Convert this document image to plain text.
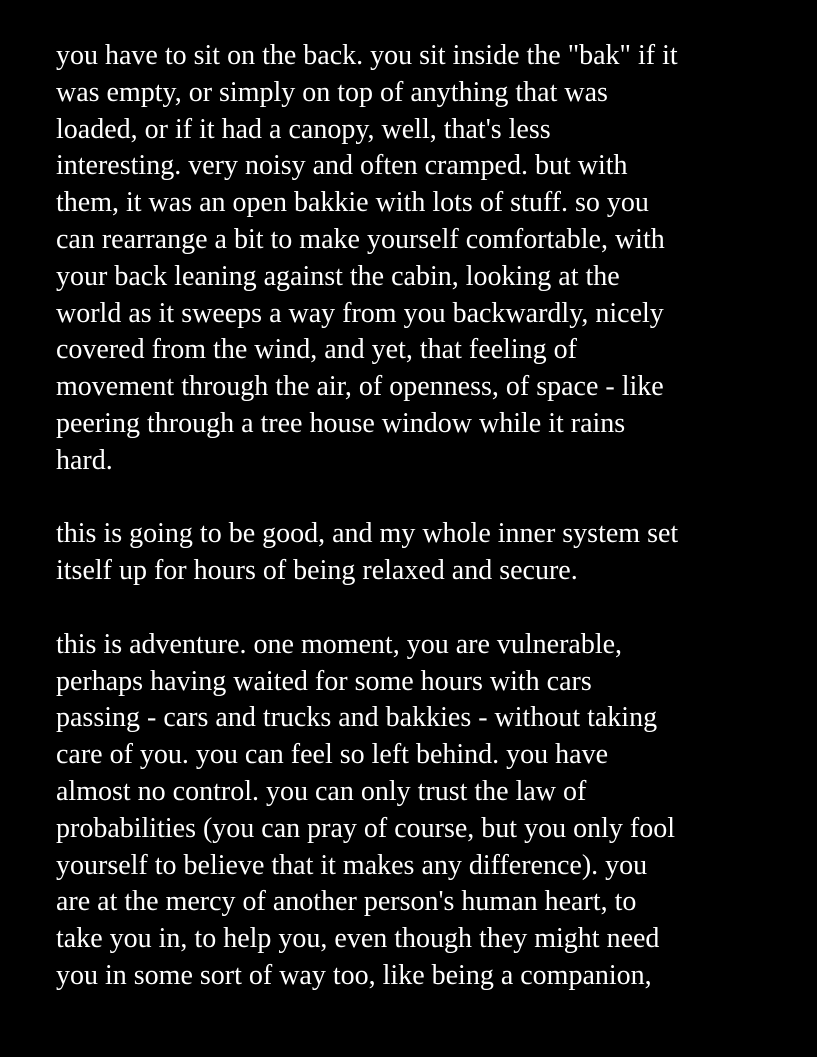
you have to sit on the back. you sit inside the "bak" if it
was empty, or simply on top of anything that was
loaded, or if it had a canopy, well, that's less
interesting. very noisy and often cramped. but with
them, it was an open bakkie with lots of stuff. so you
can rearrange a bit to make yourself comfortable, with
your back leaning against the cabin, looking at the
world as it sweeps a way from you backwardly, nicely
covered from the wind, and yet, that feeling of
movement through the air, of openness, of space - like
peering through a tree house window while it rains
hard.
this is going to be good, and my whole inner system set
itself up for hours of being relaxed and secure.
this is adventure. one moment, you are vulnerable,
perhaps having waited for some hours with cars
passing - cars and trucks and bakkies - without taking
care of you. you can feel so left behind. you have
almost no control. you can only trust the law of
probabilities (you can pray of course, but you only fool
yourself to believe that it makes any difference). you
are at the mercy of another person's human heart, to
take you in, to help you, even though they might need
you in some sort of way too, like being a companion,
